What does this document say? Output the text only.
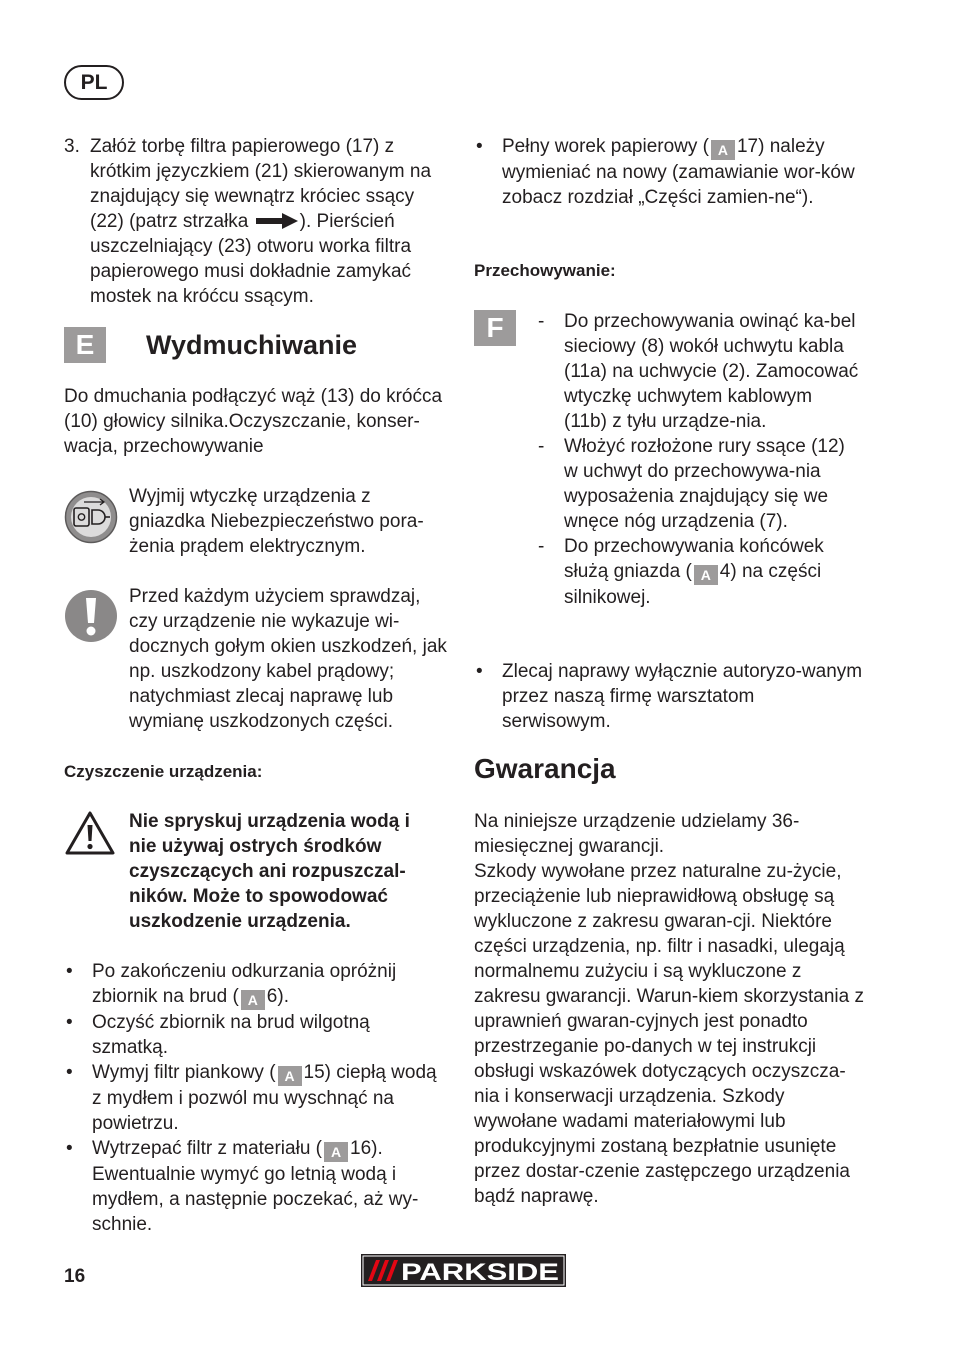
PL
3. Załóż torbę filtra papierowego (17) z krótkim języczkiem (21) skierowanym na znajdujący się wewnątrz króciec ssący (22) (patrz strzałka	). Pierścień uszczelniający (23) otworu worka filtra papierowego musi dokładnie zamykać mostek na króćcu ssącym.

E	Wydmuchiwanie

Do dmuchania podłączyć wąż (13) do króćca (10) głowicy silnika.Oczyszczanie, konser-wacja, przechowywanie

Wyjmij wtyczkę urządzenia z gniazdka Niebezpieczeństwo pora-żenia prądem elektrycznym.

Przed każdym użyciem sprawdzaj, czy urządzenie nie wykazuje wi-docznych gołym okien uszkodzeń, jak np. uszkodzony kabel prądowy; natychmiast zlecaj naprawę lub wymianę uszkodzonych części.

Czyszczenie urządzenia:

Nie spryskuj urządzenia wodą i nie używaj ostrych środków czyszczących ani rozpuszczal-ników. Może to spowodować uszkodzenie urządzenia.

•	Po zakończeniu odkurzania opróżnij zbiornik na brud ( A 6).

•	Oczyść zbiornik na brud wilgotną szmatką.

•	Wymyj filtr piankowy ( A 15) ciepłą wodą z mydłem i pozwól mu wyschnąć na powietrzu.

•	Wytrzepać filtr z materiału ( A 16). Ewentualnie wymyć go letnią wodą i mydłem, a następnie poczekać, aż wy-schnie.

•	Pełny worek papierowy ( A 17) należy wymieniać na nowy (zamawianie wor-ków zobacz rozdział „Części zamien-ne“).

Przechowywanie:

F	-	Do przechowywania owinąć ka-bel sieciowy (8) wokół uchwytu kabla (11a) na uchwycie (2). Zamocować wtyczkę uchwytem kablowym (11b) z tyłu urządze-nia.

-	Włożyć rozłożone rury ssące (12) w uchwyt do przechowywa-nia wyposażenia znajdujący się we wnęce nóg urządzenia (7).

-	Do przechowywania końcówek służą gniazda ( A 4) na części silnikowej.

•	Zlecaj naprawy wyłącznie autoryzo-wanym przez naszą firmę warsztatom serwisowym.

Gwarancja

Na niniejsze urządzenie udzielamy 36-miesięcznej gwarancji.
Szkody wywołane przez naturalne zu-życie, przeciążenie lub nieprawidłową obsługę są wykluczone z zakresu gwaran-cji. Niektóre części urządzenia, np. filtr i nasadki, ulegają normalnemu zużyciu i są wykluczone z zakresu gwarancji. Warun-kiem skorzystania z uprawnień gwaran-cyjnych jest ponadto przestrzeganie po-danych w tej instrukcji obsługi wskazówek dotyczących oczyszcza-nia i konserwacji urządzenia. Szkody wywołane wadami materiałowymi lub produkcyjnymi zostaną bezpłatnie usunięte przez dostar-czenie zastępczego urządzenia bądź naprawę.

16	PARKSIDE
